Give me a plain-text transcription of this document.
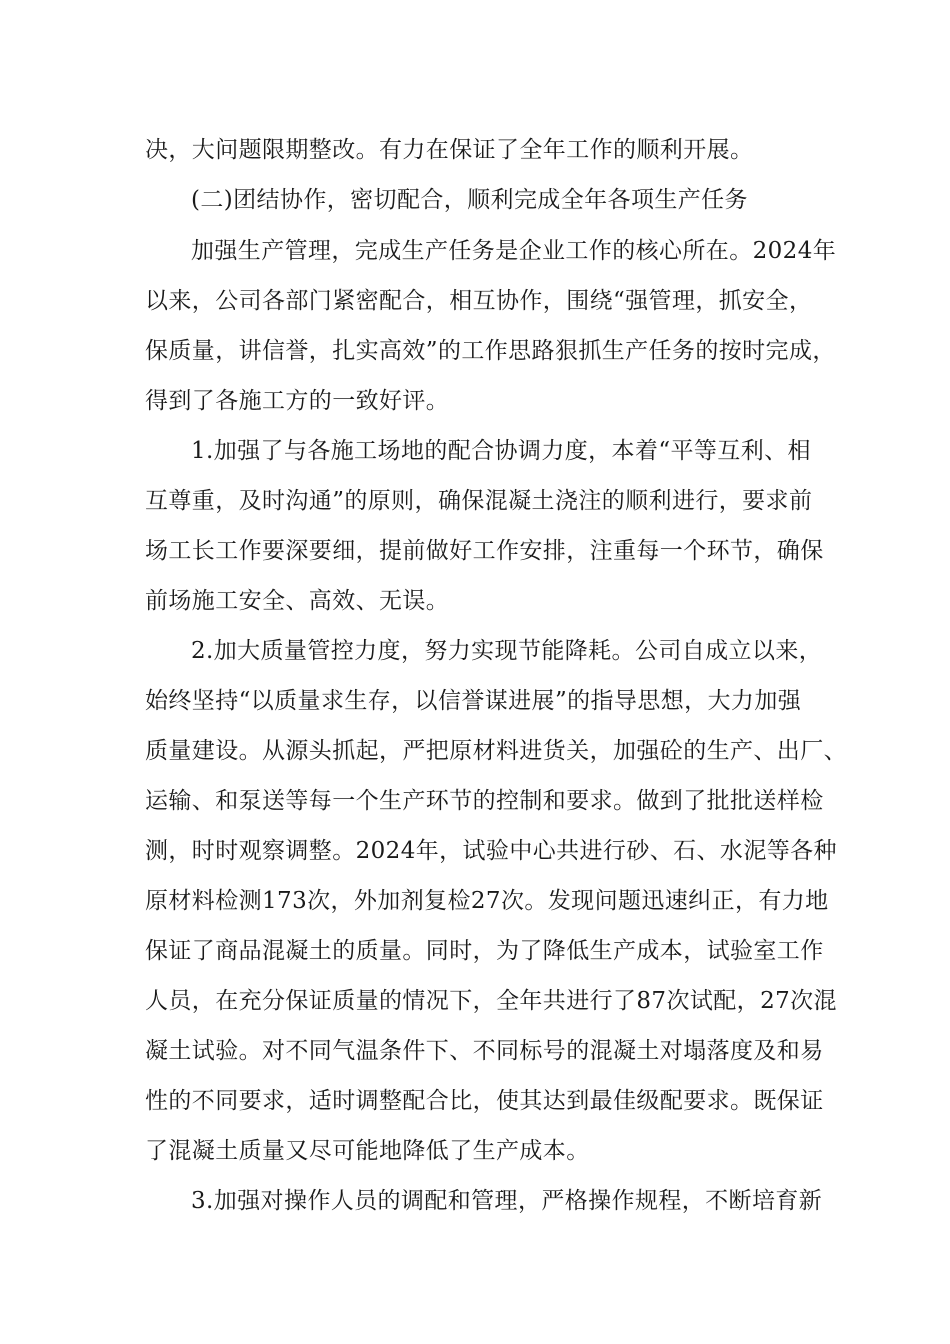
决，大问题限期整改。有力在保证了全年工作的顺利开展。
(二)团结协作，密切配合，顺利完成全年各项生产任务
加强生产管理，完成生产任务是企业工作的核心所在。2024年
以来，公司各部门紧密配合，相互协作，围绕“强管理，抓安全，
保质量，讲信誉，扎实高效”的工作思路狠抓生产任务的按时完成，
得到了各施工方的一致好评。
1.加强了与各施工场地的配合协调力度，本着“平等互利、相
互尊重，及时沟通”的原则，确保混凝土浇注的顺利进行，要求前
场工长工作要深要细，提前做好工作安排，注重每一个环节，确保
前场施工安全、高效、无误。
2.加大质量管控力度，努力实现节能降耗。公司自成立以来，
始终坚持“以质量求生存，以信誉谋进展”的指导思想，大力加强
质量建设。从源头抓起，严把原材料进货关，加强砼的生产、出厂、
运输、和泵送等每一个生产环节的控制和要求。做到了批批送样检
测，时时观察调整。2024年，试验中心共进行砂、石、水泥等各种
原材料检测173次，外加剂复检27次。发现问题迅速纠正，有力地
保证了商品混凝土的质量。同时，为了降低生产成本，试验室工作
人员，在充分保证质量的情况下，全年共进行了87次试配，27次混
凝土试验。对不同气温条件下、不同标号的混凝土对塌落度及和易
性的不同要求，适时调整配合比，使其达到最佳级配要求。既保证
了混凝土质量又尽可能地降低了生产成本。
3.加强对操作人员的调配和管理，严格操作规程，不断培育新
